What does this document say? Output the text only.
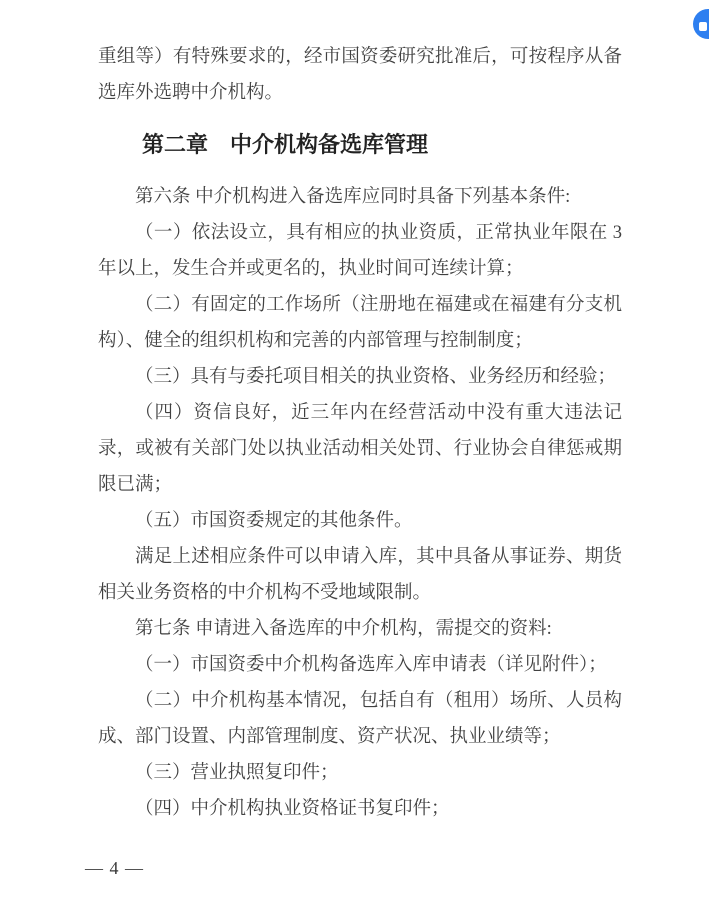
重组等）有特殊要求的，经市国资委研究批准后，可按程序从备选库外选聘中介机构。

第二章　中介机构备选库管理

第六条 中介机构进入备选库应同时具备下列基本条件:

（一）依法设立，具有相应的执业资质，正常执业年限在 3 年以上，发生合并或更名的，执业时间可连续计算；

（二）有固定的工作场所（注册地在福建或在福建有分支机构）、健全的组织机构和完善的内部管理与控制制度；

（三）具有与委托项目相关的执业资格、业务经历和经验；

（四）资信良好，近三年内在经营活动中没有重大违法记录，或被有关部门处以执业活动相关处罚、行业协会自律惩戒期限已满；

（五）市国资委规定的其他条件。

满足上述相应条件可以申请入库，其中具备从事证券、期货相关业务资格的中介机构不受地域限制。

第七条 申请进入备选库的中介机构，需提交的资料:

（一）市国资委中介机构备选库入库申请表（详见附件）；

（二）中介机构基本情况，包括自有（租用）场所、人员构成、部门设置、内部管理制度、资产状况、执业业绩等；

（三）营业执照复印件；

（四）中介机构执业资格证书复印件；

— 4 —
